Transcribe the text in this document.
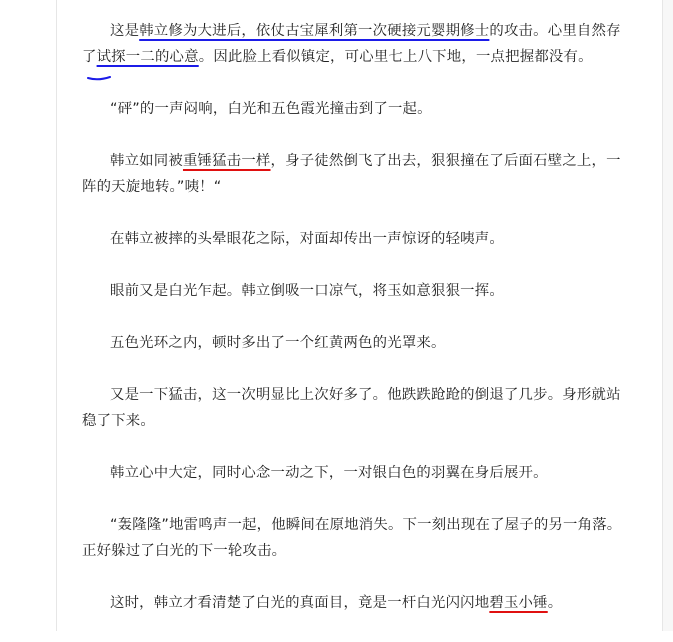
这是韩立修为大进后，依仗古宝犀利第一次硬接元婴期修士的攻击。心里自然存了试探一二的心意。因此脸上看似镇定，可心里七上八下地，一点把握都没有。

“砰”的一声闷响，白光和五色霞光撞击到了一起。

韩立如同被重锤猛击一样，身子徒然倒飞了出去，狠狠撞在了后面石壁之上，一阵的天旋地转。”咦！“

在韩立被摔的头晕眼花之际，对面却传出一声惊讶的轻咦声。

眼前又是白光乍起。韩立倒吸一口凉气，将玉如意狠狠一挥。

五色光环之内，顿时多出了一个红黄两色的光罩来。

又是一下猛击，这一次明显比上次好多了。他跌跌跄跄的倒退了几步。身形就站稳了下来。

韩立心中大定，同时心念一动之下，一对银白色的羽翼在身后展开。

“轰隆隆”地雷鸣声一起，他瞬间在原地消失。下一刻出现在了屋子的另一角落。正好躲过了白光的下一轮攻击。

这时，韩立才看清楚了白光的真面目，竟是一杆白光闪闪地碧玉小锤。
